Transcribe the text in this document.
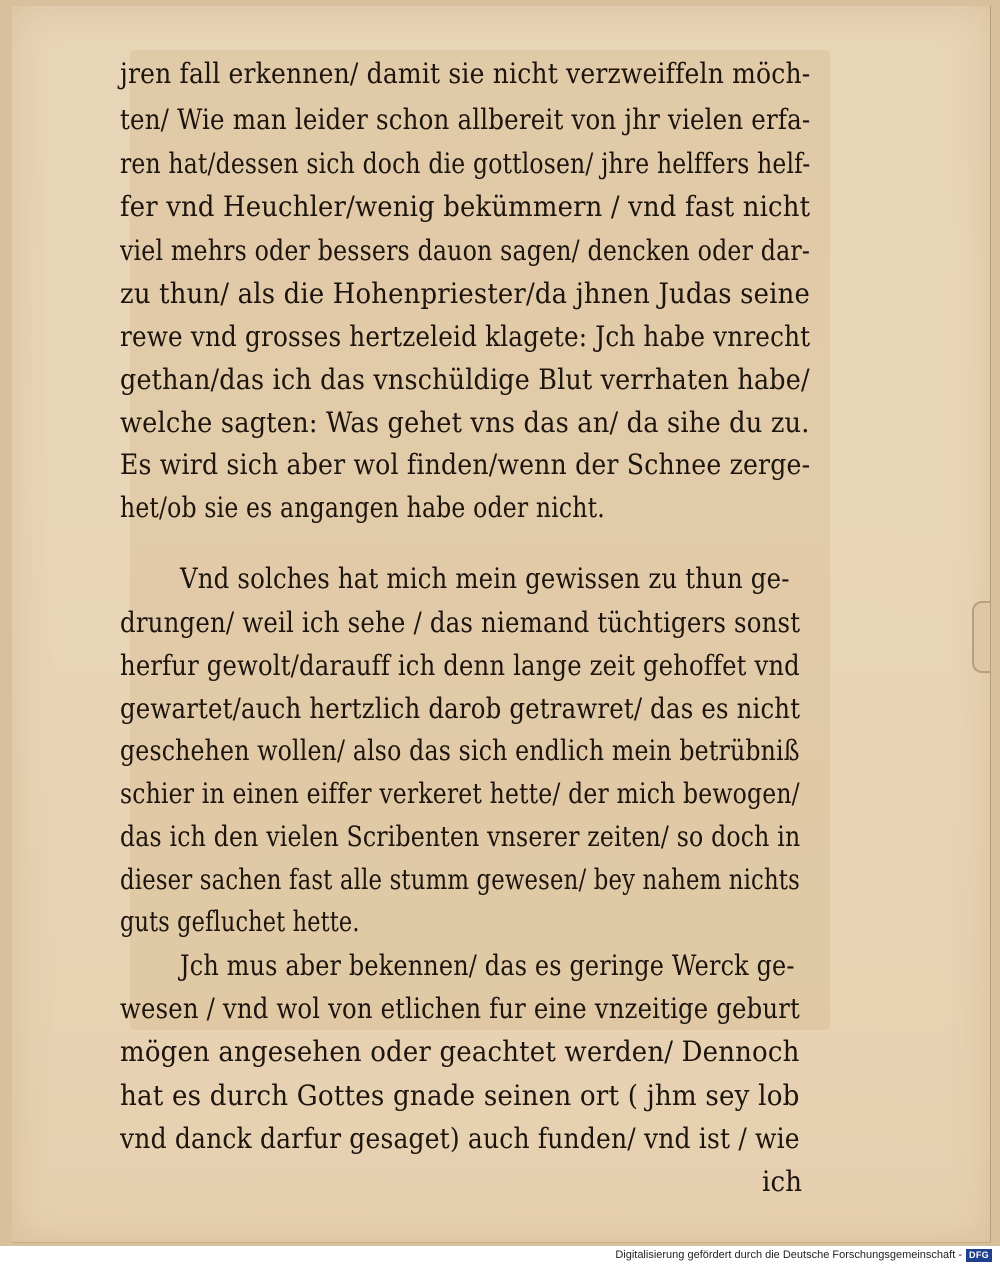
jren fall erkennen/ damit sie nicht verzweiffeln möch-
ten/ Wie man leider schon allbereit von jhr vielen erfa-
ren hat/dessen sich doch die gottlosen/ jhre helffers helf-
fer vnd Heuchler/wenig bekümmern / vnd fast nicht
viel mehrs oder bessers dauon sagen/ dencken oder dar-
zu thun/ als die Hohenpriester/da jhnen Judas seine
rewe vnd grosses hertzeleid klagete: Jch habe vnrecht
gethan/das ich das vnschüldige Blut verrhaten habe/
welche sagten: Was gehet vns das an/ da sihe du zu.
Es wird sich aber wol finden/wenn der Schnee zerge-
het/ob sie es angangen habe oder nicht.
Vnd solches hat mich mein gewissen zu thun ge-
drungen/ weil ich sehe / das niemand tüchtigers sonst
herfur gewolt/darauff ich denn lange zeit gehoffet vnd
gewartet/auch hertzlich darob getrawret/ das es nicht
geschehen wollen/ also das sich endlich mein betrübniß
schier in einen eiffer verkeret hette/ der mich bewogen/
das ich den vielen Scribenten vnserer zeiten/ so doch in
dieser sachen fast alle stumm gewesen/ bey nahem nichts
guts gefluchet hette.
Jch mus aber bekennen/ das es geringe Werck ge-
wesen / vnd wol von etlichen fur eine vnzeitige geburt
mögen angesehen oder geachtet werden/ Dennoch
hat es durch Gottes gnade seinen ort ( jhm sey lob
vnd danck darfur gesaget) auch funden/ vnd ist / wie
ich
Digitalisierung gefördert durch die Deutsche Forschungsgemeinschaft - DFG
